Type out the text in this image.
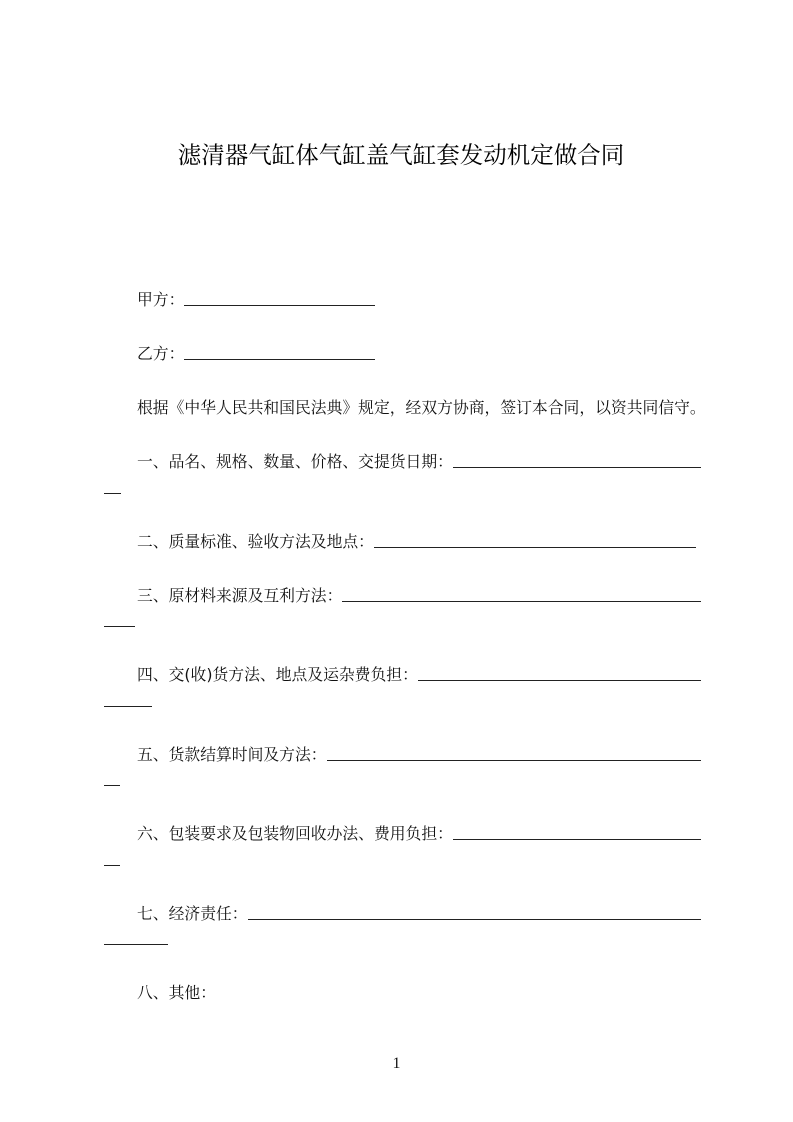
滤清器气缸体气缸盖气缸套发动机定做合同
甲方：
乙方：
根据《中华人民共和国民法典》规定，经双方协商，签订本合同，以资共同信守。
一、品名、规格、数量、价格、交提货日期：
二、质量标准、验收方法及地点：
三、原材料来源及互利方法：
四、交(收)货方法、地点及运杂费负担：
五、货款结算时间及方法：
六、包装要求及包装物回收办法、费用负担：
七、经济责任：
八、其他：
1
